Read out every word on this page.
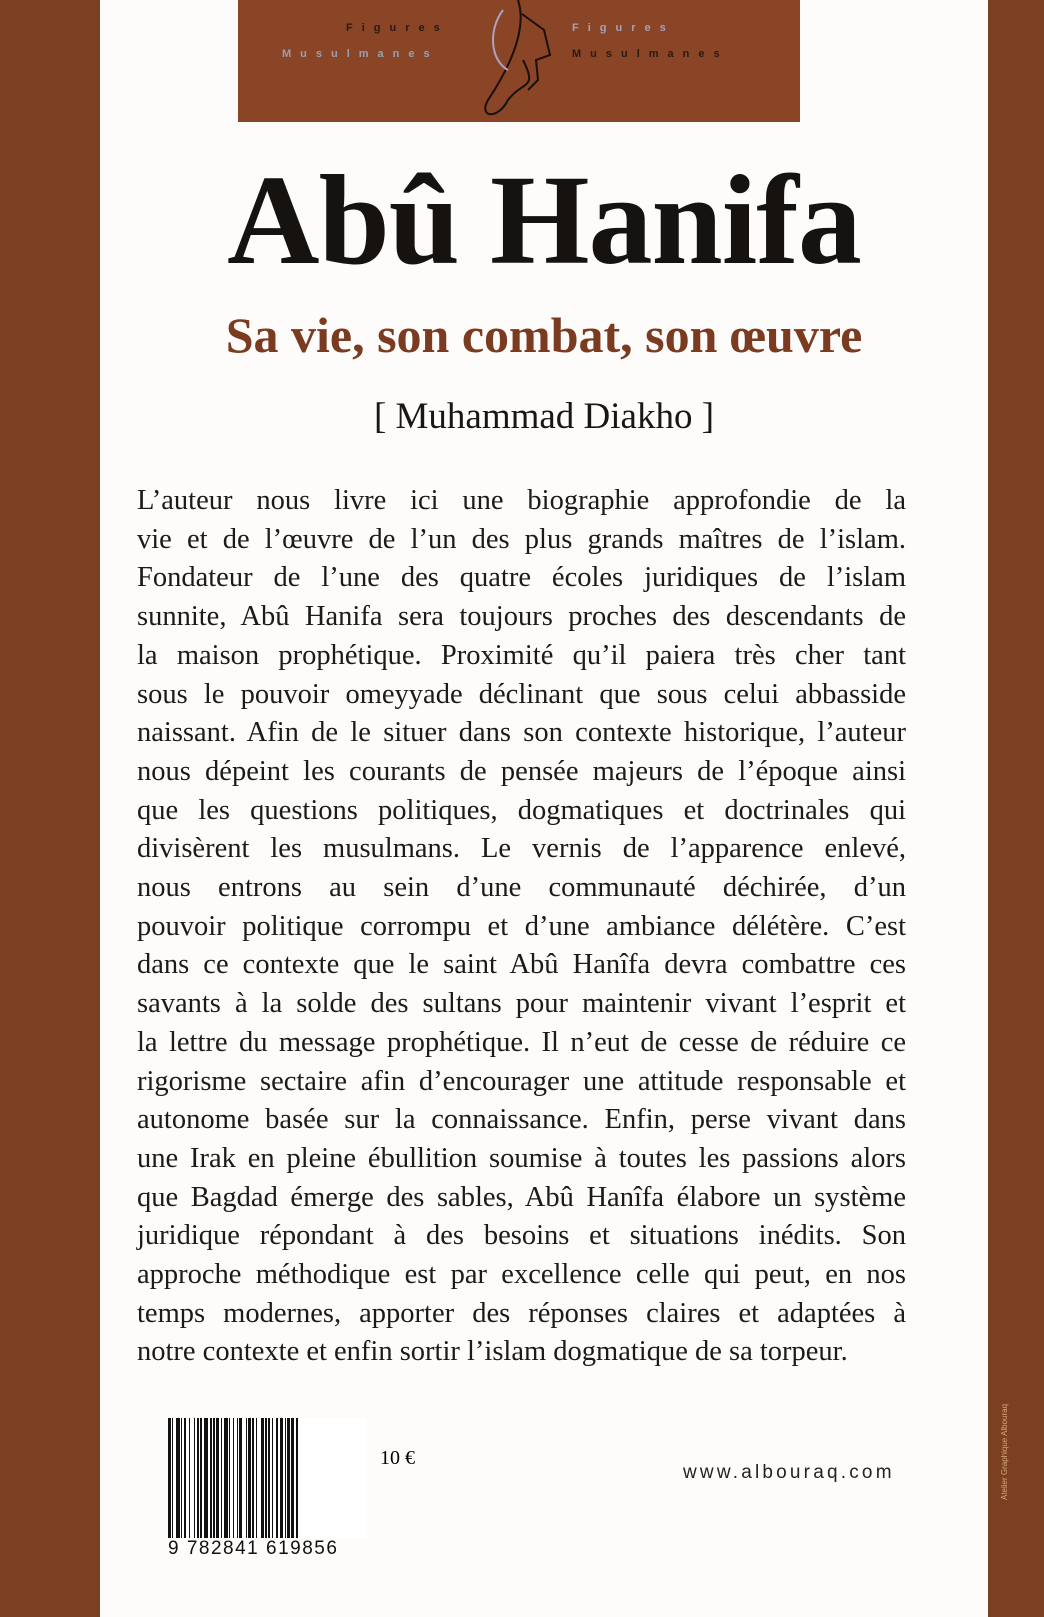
Figures
Musulmanes
Figures
Musulmanes
Abû Hanifa
Sa vie, son combat, son œuvre
[ Muhammad Diakho ]
L’auteur nous livre ici une biographie approfondie de la
vie et de l’œuvre de l’un des plus grands maîtres de l’islam.
Fondateur de l’une des quatre écoles juridiques de l’islam
sunnite, Abû Hanifa sera toujours proches des descendants de
la maison prophétique. Proximité qu’il paiera très cher tant
sous le pouvoir omeyyade déclinant que sous celui abbasside
naissant. Afin de le situer dans son contexte historique, l’auteur
nous dépeint les courants de pensée majeurs de l’époque ainsi
que les questions politiques, dogmatiques et doctrinales qui
divisèrent les musulmans. Le vernis de l’apparence enlevé,
nous entrons au sein d’une communauté déchirée, d’un
pouvoir politique corrompu et d’une ambiance délétère. C’est
dans ce contexte que le saint Abû Hanîfa devra combattre ces
savants à la solde des sultans pour maintenir vivant l’esprit et
la lettre du message prophétique. Il n’eut de cesse de réduire ce
rigorisme sectaire afin d’encourager une attitude responsable et
autonome basée sur la connaissance. Enfin, perse vivant dans
une Irak en pleine ébullition soumise à toutes les passions alors
que Bagdad émerge des sables, Abû Hanîfa élabore un système
juridique répondant à des besoins et situations inédits. Son
approche méthodique est par excellence celle qui peut, en nos
temps modernes, apporter des réponses claires et adaptées à
notre contexte et enfin sortir l’islam dogmatique de sa torpeur.
9 782841 619856
10 €
www.albouraq.com	Atelier Graphique Albouraq
